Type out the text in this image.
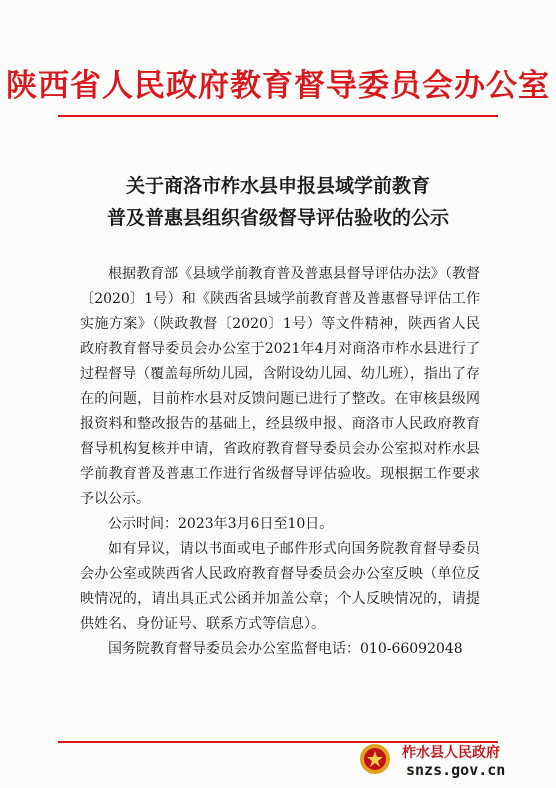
陕西省人民政府教育督导委员会办公室
关于商洛市柞水县申报县域学前教育
普及普惠县组织省级督导评估验收的公示

根据教育部《县域学前教育普及普惠县督导评估办法》（教督〔2020〕1号）和《陕西省县域学前教育普及普惠督导评估工作实施方案》（陕政教督〔2020〕1号）等文件精神，陕西省人民政府教育督导委员会办公室于2021年4月对商洛市柞水县进行了过程督导（覆盖每所幼儿园，含附设幼儿园、幼儿班），指出了存在的问题，目前柞水县对反馈问题已进行了整改。在审核县级网报资料和整改报告的基础上，经县级申报、商洛市人民政府教育督导机构复核并申请，省政府教育督导委员会办公室拟对柞水县学前教育普及普惠工作进行省级督导评估验收。现根据工作要求予以公示。

公示时间：2023年3月6日至10日。

如有异议，请以书面或电子邮件形式向国务院教育督导委员会办公室或陕西省人民政府教育督导委员会办公室反映（单位反映情况的，请出具正式公函并加盖公章；个人反映情况的，请提供姓名、身份证号、联系方式等信息）。

国务院教育督导委员会办公室监督电话：010-66092048

柞水县人民政府
snzs.gov.cn
